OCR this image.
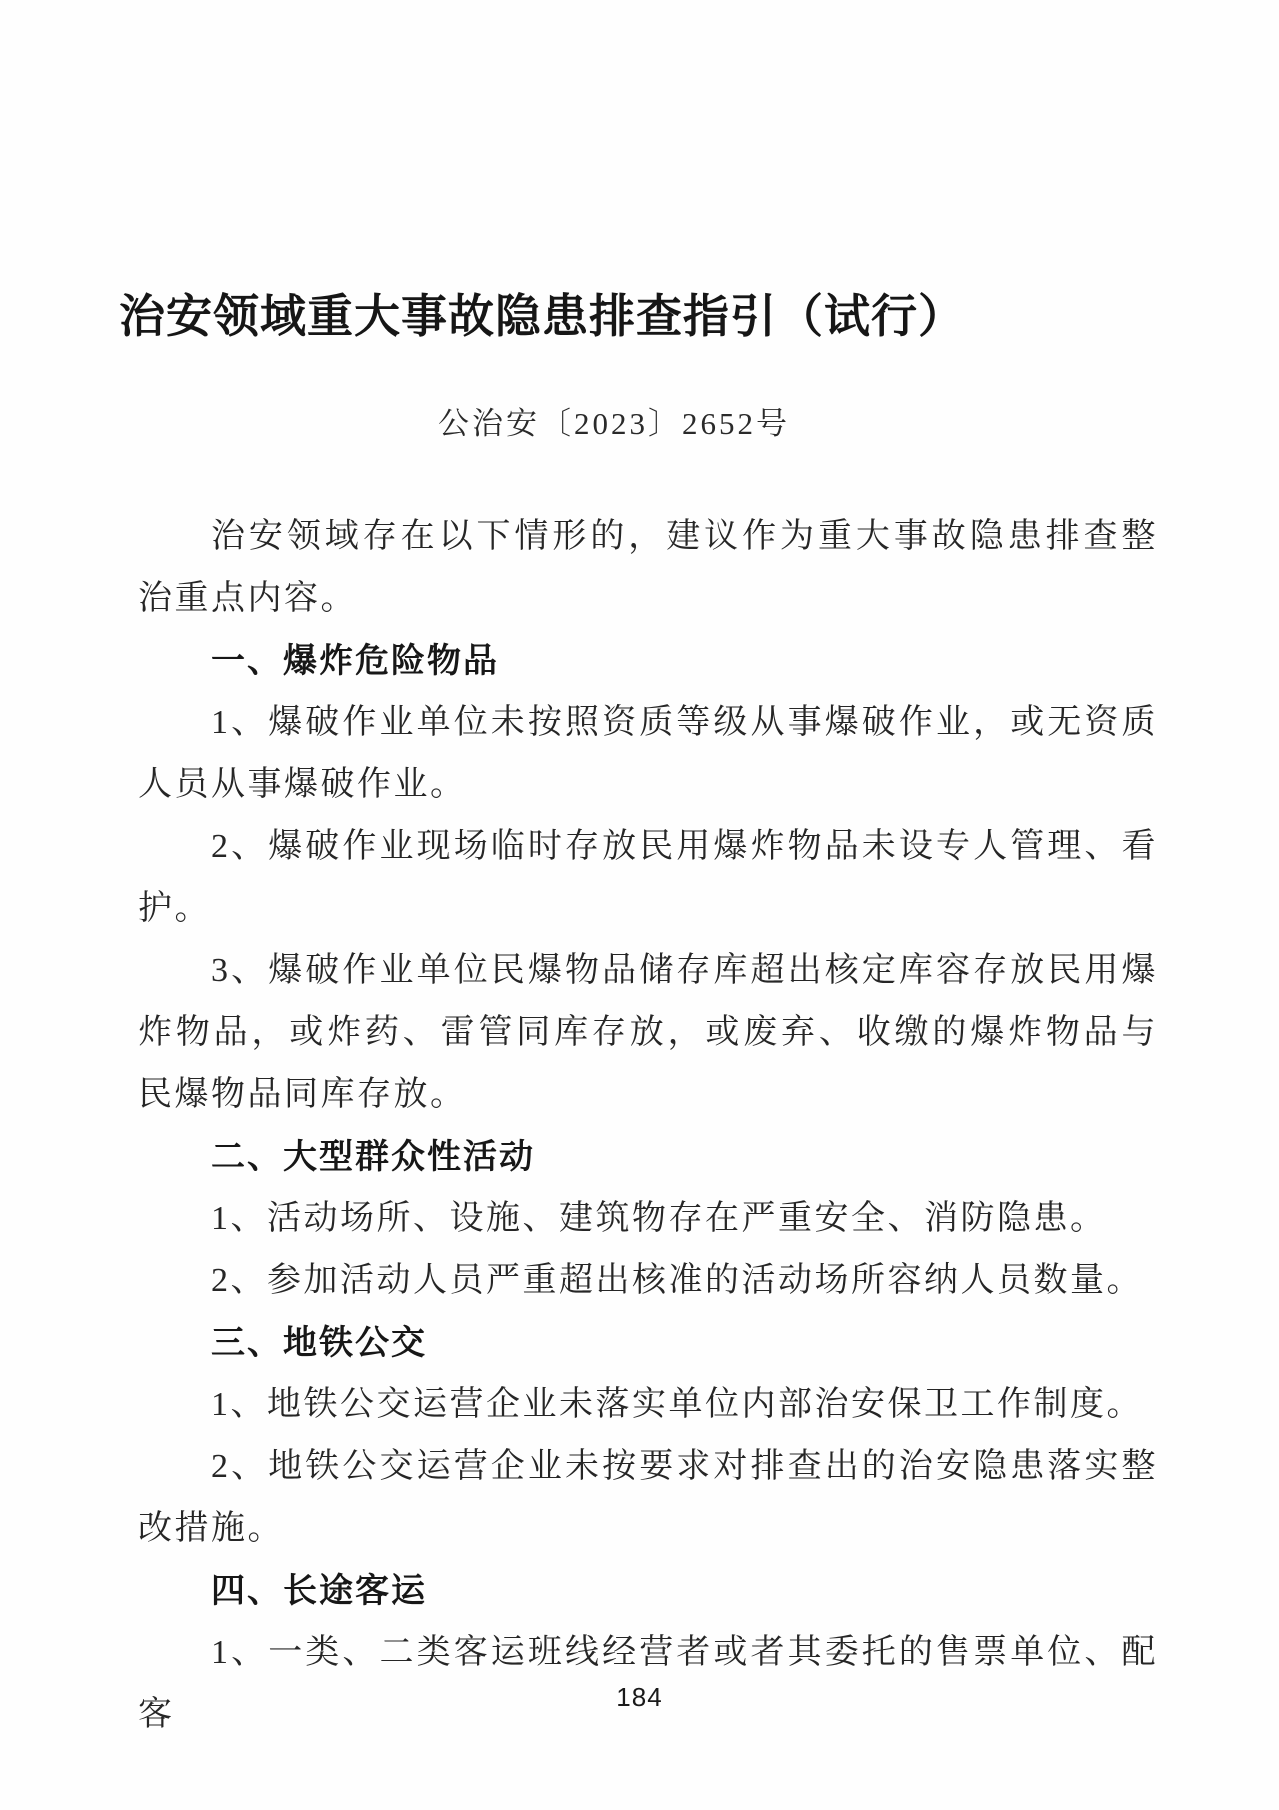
治安领域重大事故隐患排查指引（试行）
公治安〔2023〕2652号

治安领域存在以下情形的，建议作为重大事故隐患排查整治重点内容。

一、爆炸危险物品

1、爆破作业单位未按照资质等级从事爆破作业，或无资质人员从事爆破作业。

2、爆破作业现场临时存放民用爆炸物品未设专人管理、看护。

3、爆破作业单位民爆物品储存库超出核定库容存放民用爆炸物品，或炸药、雷管同库存放，或废弃、收缴的爆炸物品与民爆物品同库存放。

二、大型群众性活动

1、活动场所、设施、建筑物存在严重安全、消防隐患。

2、参加活动人员严重超出核准的活动场所容纳人员数量。

三、地铁公交

1、地铁公交运营企业未落实单位内部治安保卫工作制度。

2、地铁公交运营企业未按要求对排查出的治安隐患落实整改措施。

四、长途客运

1、一类、二类客运班线经营者或者其委托的售票单位、配客	184
